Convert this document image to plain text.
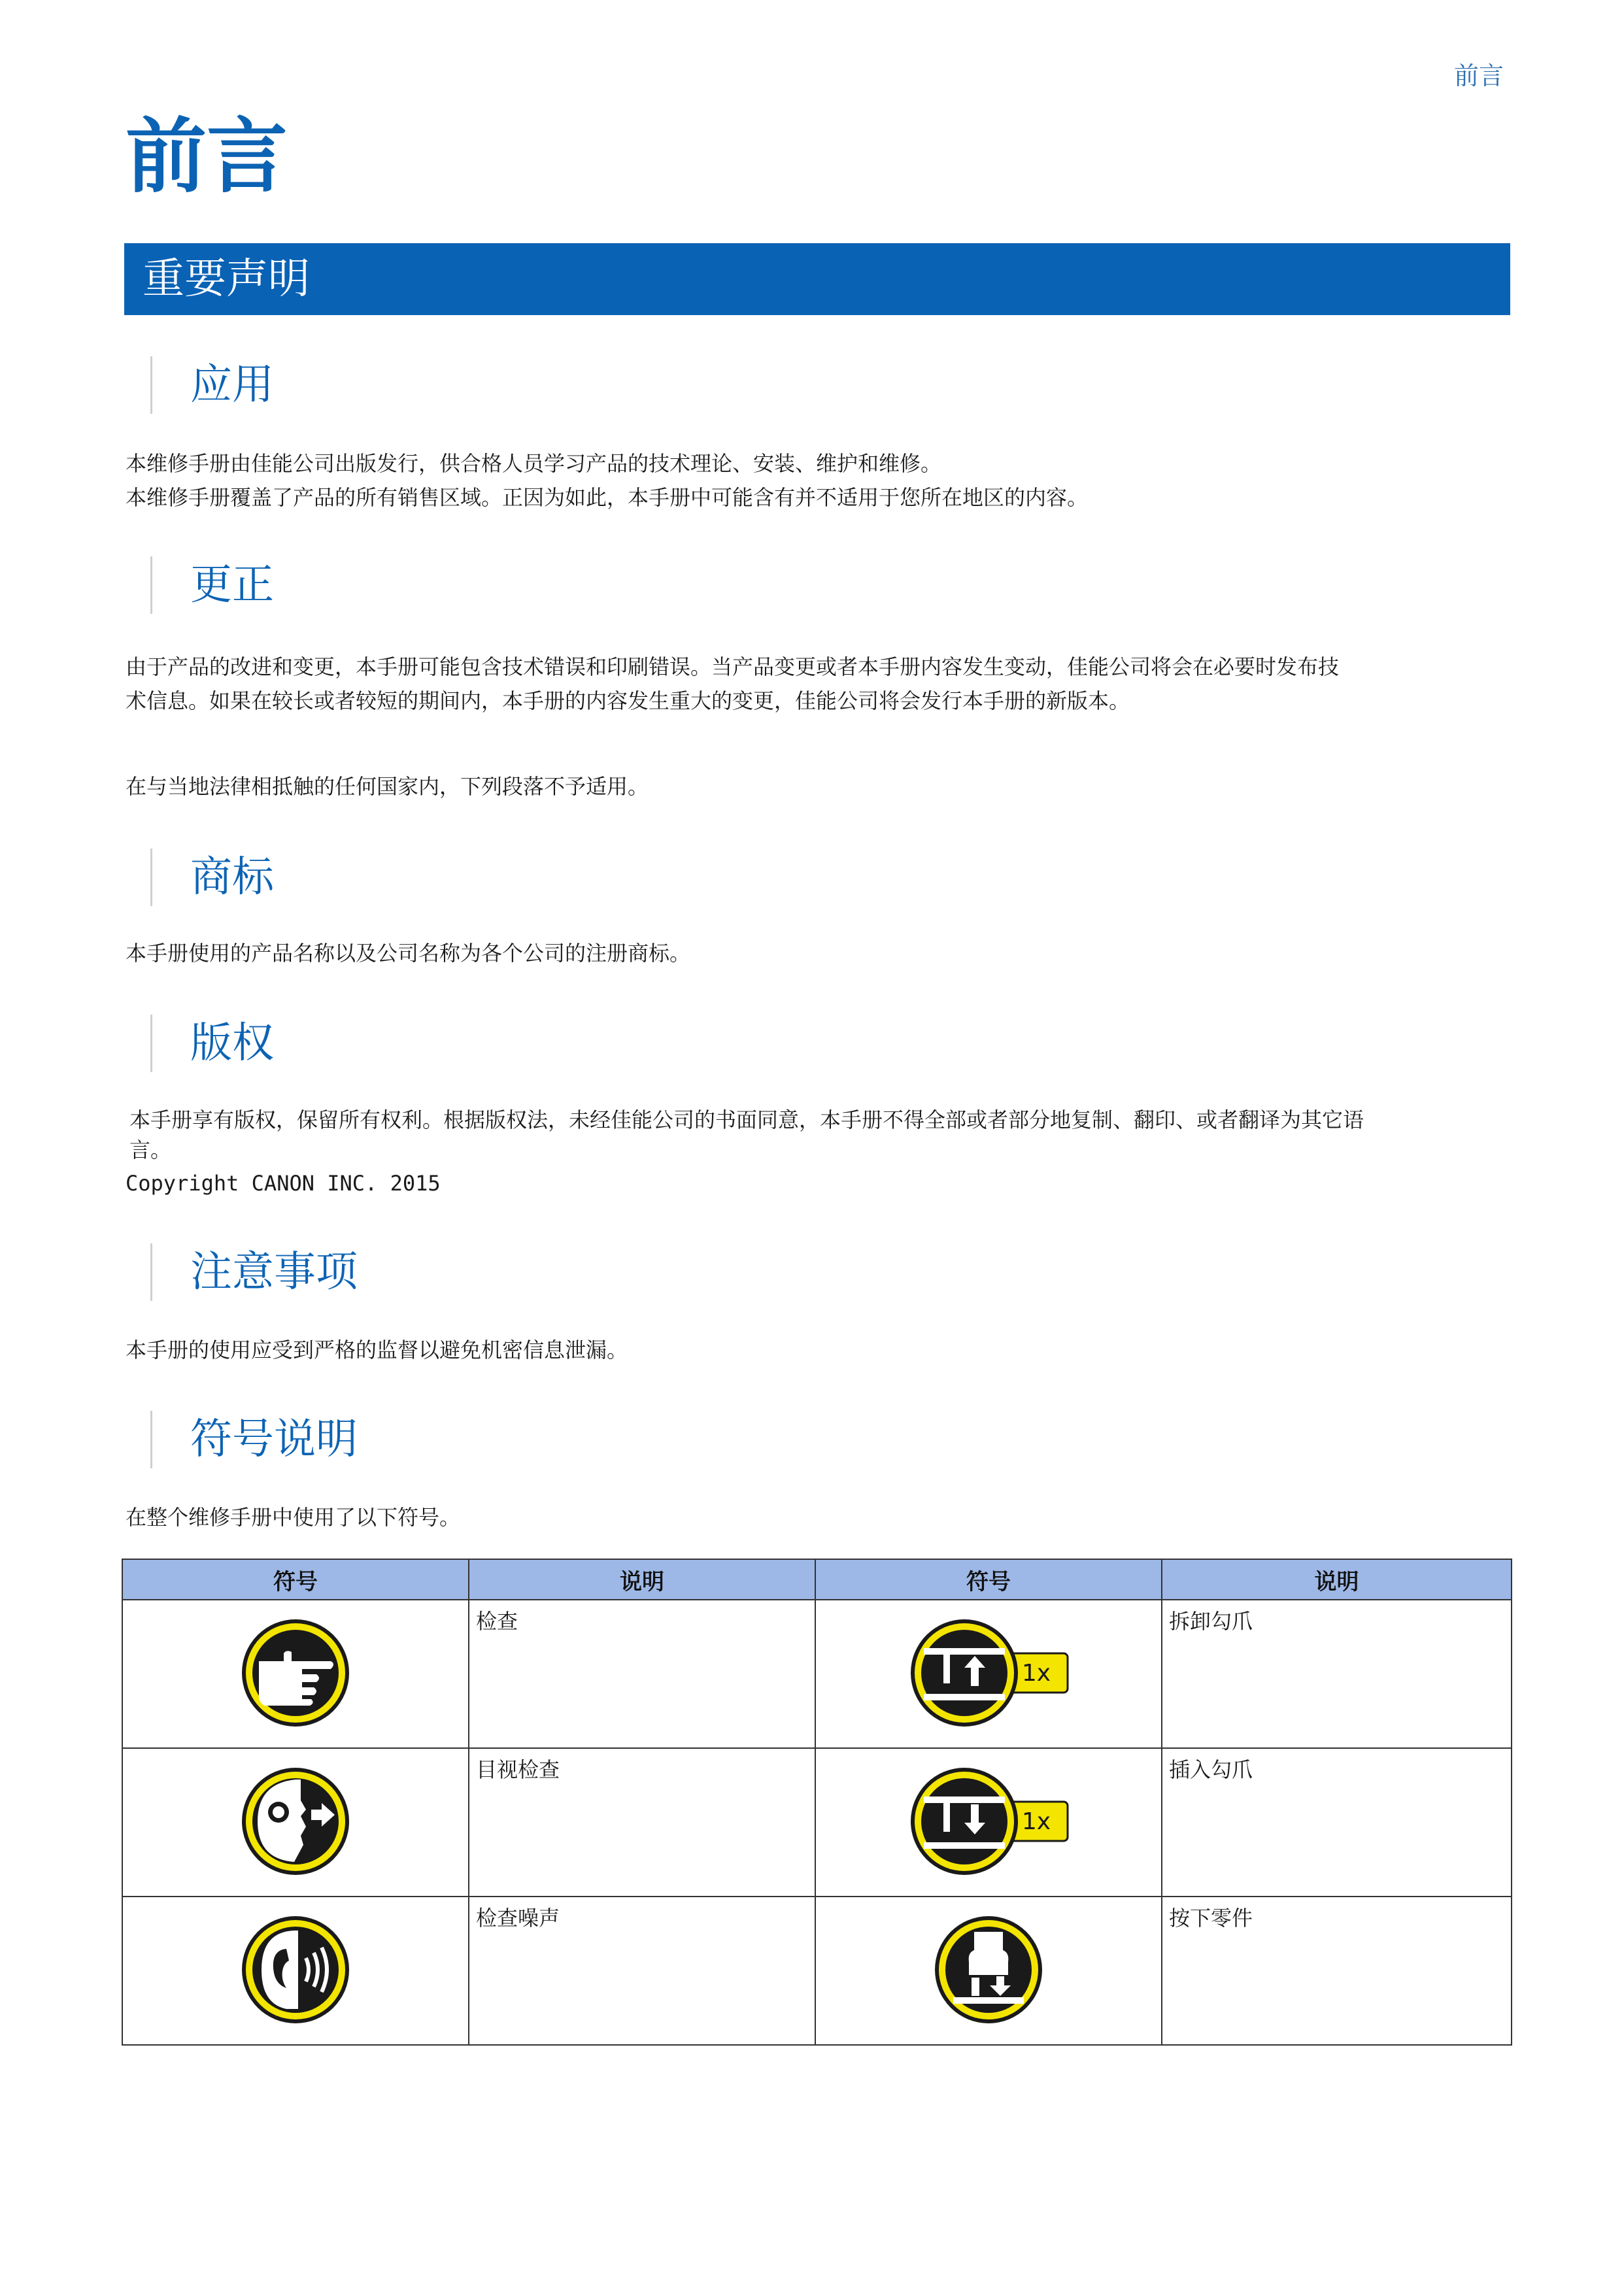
前言
前言
重要声明
应用

本维修手册由佳能公司出版发行，供合格人员学习产品的技术理论、安装、维护和维修。
本维修手册覆盖了产品的所有销售区域。正因为如此，本手册中可能含有并不适用于您所在地区的内容。

更正

由于产品的改进和变更，本手册可能包含技术错误和印刷错误。当产品变更或者本手册内容发生变动，佳能公司将会在必要时发布技
术信息。如果在较长或者较短的期间内，本手册的内容发生重大的变更，佳能公司将会发行本手册的新版本。

在与当地法律相抵触的任何国家内，下列段落不予适用。

商标

本手册使用的产品名称以及公司名称为各个公司的注册商标。

版权

本手册享有版权，保留所有权利。根据版权法，未经佳能公司的书面同意，本手册不得全部或者部分地复制、翻印、或者翻译为其它语
言。

Copyright CANON INC. 2015

注意事项

本手册的使用应受到严格的监督以避免机密信息泄漏。

符号说明

在整个维修手册中使用了以下符号。

符号	说明	符号	说明
	检查	1x	拆卸勾爪
	目视检查	1x	插入勾爪
	检查噪声		按下零件
